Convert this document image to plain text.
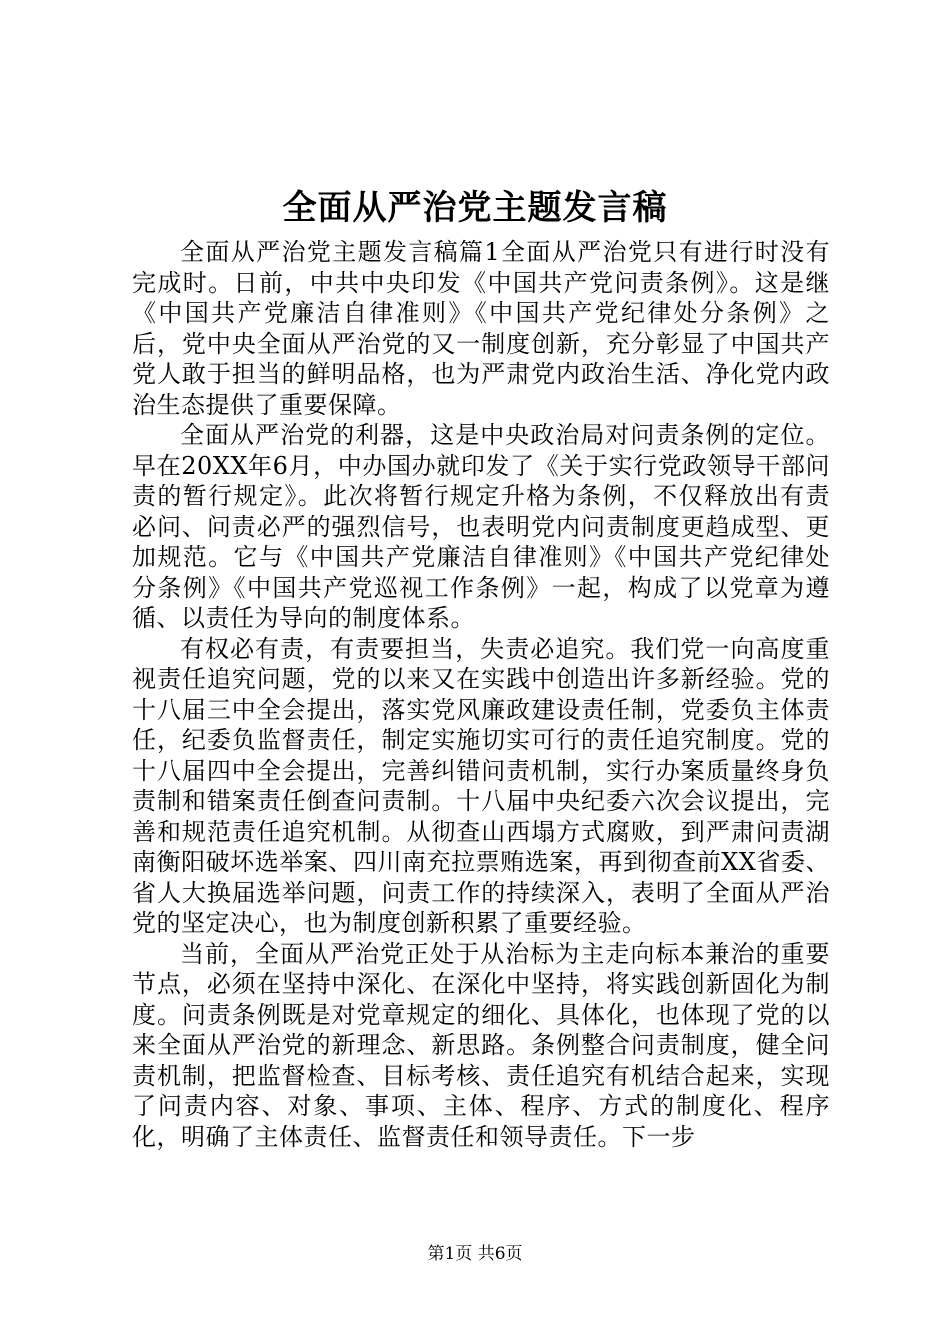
全面从严治党主题发言稿

全面从严治党主题发言稿篇1全面从严治党只有进行时没有完成时。日前，中共中央印发《中国共产党问责条例》。这是继《中国共产党廉洁自律准则》《中国共产党纪律处分条例》之后，党中央全面从严治党的又一制度创新，充分彰显了中国共产党人敢于担当的鲜明品格，也为严肃党内政治生活、净化党内政治生态提供了重要保障。

全面从严治党的利器，这是中央政治局对问责条例的定位。早在20XX年6月，中办国办就印发了《关于实行党政领导干部问责的暂行规定》。此次将暂行规定升格为条例，不仅释放出有责必问、问责必严的强烈信号，也表明党内问责制度更趋成型、更加规范。它与《中国共产党廉洁自律准则》《中国共产党纪律处分条例》《中国共产党巡视工作条例》一起，构成了以党章为遵循、以责任为导向的制度体系。

有权必有责，有责要担当，失责必追究。我们党一向高度重视责任追究问题，党的以来又在实践中创造出许多新经验。党的十八届三中全会提出，落实党风廉政建设责任制，党委负主体责任，纪委负监督责任，制定实施切实可行的责任追究制度。党的十八届四中全会提出，完善纠错问责机制，实行办案质量终身负责制和错案责任倒查问责制。十八届中央纪委六次会议提出，完善和规范责任追究机制。从彻查山西塌方式腐败，到严肃问责湖南衡阳破坏选举案、四川南充拉票贿选案，再到彻查前XX省委、省人大换届选举问题，问责工作的持续深入，表明了全面从严治党的坚定决心，也为制度创新积累了重要经验。

当前，全面从严治党正处于从治标为主走向标本兼治的重要节点，必须在坚持中深化、在深化中坚持，将实践创新固化为制度。问责条例既是对党章规定的细化、具体化，也体现了党的以来全面从严治党的新理念、新思路。条例整合问责制度，健全问责机制，把监督检查、目标考核、责任追究有机结合起来，实现了问责内容、对象、事项、主体、程序、方式的制度化、程序化，明确了主体责任、监督责任和领导责任。下一步

第1页 共6页
